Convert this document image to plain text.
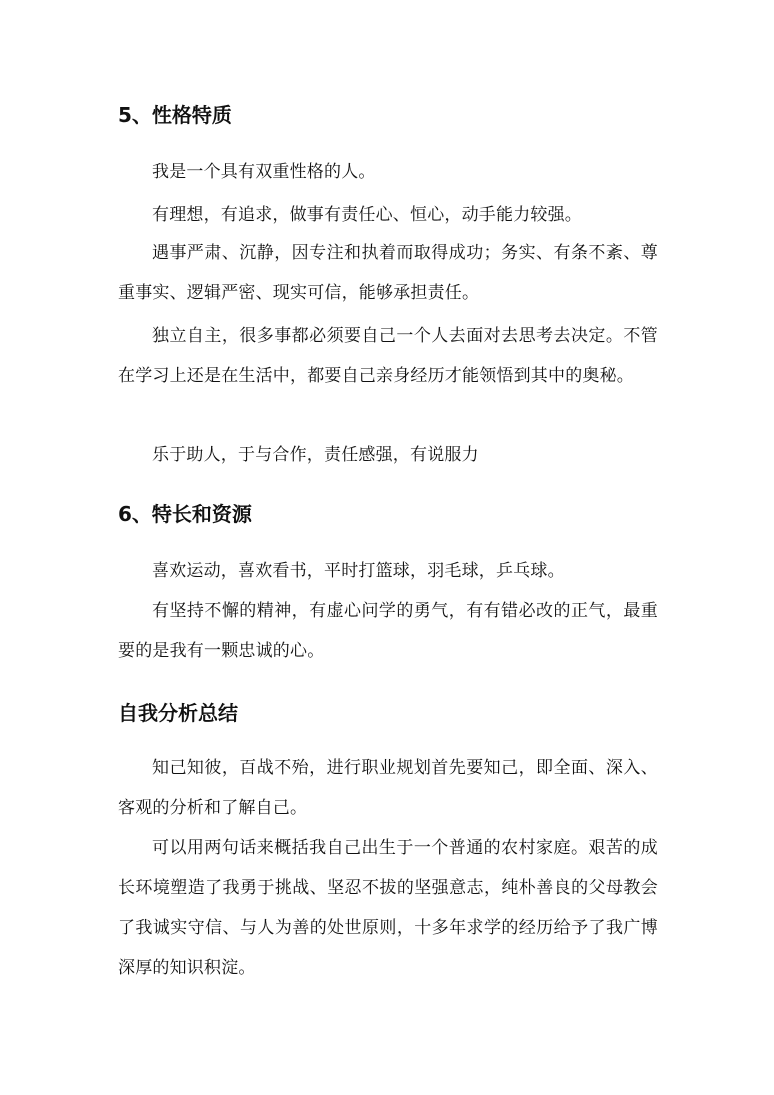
5、性格特质

我是一个具有双重性格的人。

有理想，有追求，做事有责任心、恒心，动手能力较强。

遇事严肃、沉静，因专注和执着而取得成功；务实、有条不紊、尊重事实、逻辑严密、现实可信，能够承担责任。

独立自主，很多事都必须要自己一个人去面对去思考去决定。不管在学习上还是在生活中，都要自己亲身经历才能领悟到其中的奥秘。

乐于助人，于与合作，责任感强，有说服力

6、特长和资源

喜欢运动，喜欢看书，平时打篮球，羽毛球，乒乓球。

有坚持不懈的精神，有虚心问学的勇气，有有错必改的正气，最重要的是我有一颗忠诚的心。

自我分析总结

知己知彼，百战不殆，进行职业规划首先要知己，即全面、深入、客观的分析和了解自己。

可以用两句话来概括我自己出生于一个普通的农村家庭。艰苦的成长环境塑造了我勇于挑战、坚忍不拔的坚强意志，纯朴善良的父母教会了我诚实守信、与人为善的处世原则，十多年求学的经历给予了我广博深厚的知识积淀。
